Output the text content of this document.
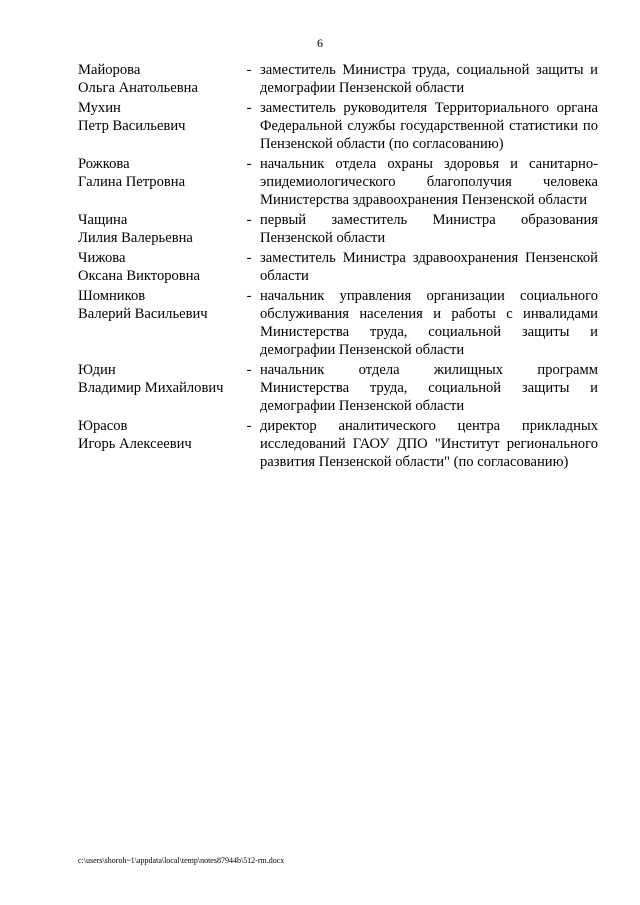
6
Майорова
Ольга Анатольевна
- заместитель Министра труда, социальной защиты и демографии Пензенской области
Мухин
Петр Васильевич
- заместитель руководителя Территориального органа Федеральной службы государственной статистики по Пензенской области (по согласованию)
Рожкова
Галина Петровна
- начальник отдела охраны здоровья и санитарно-эпидемиологического благополучия человека Министерства здравоохранения Пензенской области
Чащина
Лилия Валерьевна
- первый заместитель Министра образования Пензенской области
Чижова
Оксана Викторовна
- заместитель Министра здравоохранения Пензенской области
Шомников
Валерий Васильевич
- начальник управления организации социального обслуживания населения и работы с инвалидами Министерства труда, социальной защиты и демографии Пензенской области
Юдин
Владимир Михайлович
- начальник отдела жилищных программ Министерства труда, социальной защиты и демографии Пензенской области
Юрасов
Игорь Алексеевич
- директор аналитического центра прикладных исследований ГАОУ ДПО "Институт регионального развития Пензенской области" (по согласованию)
c:\users\shoroh~1\appdata\local\temp\notes87944b\512-rm.docx
